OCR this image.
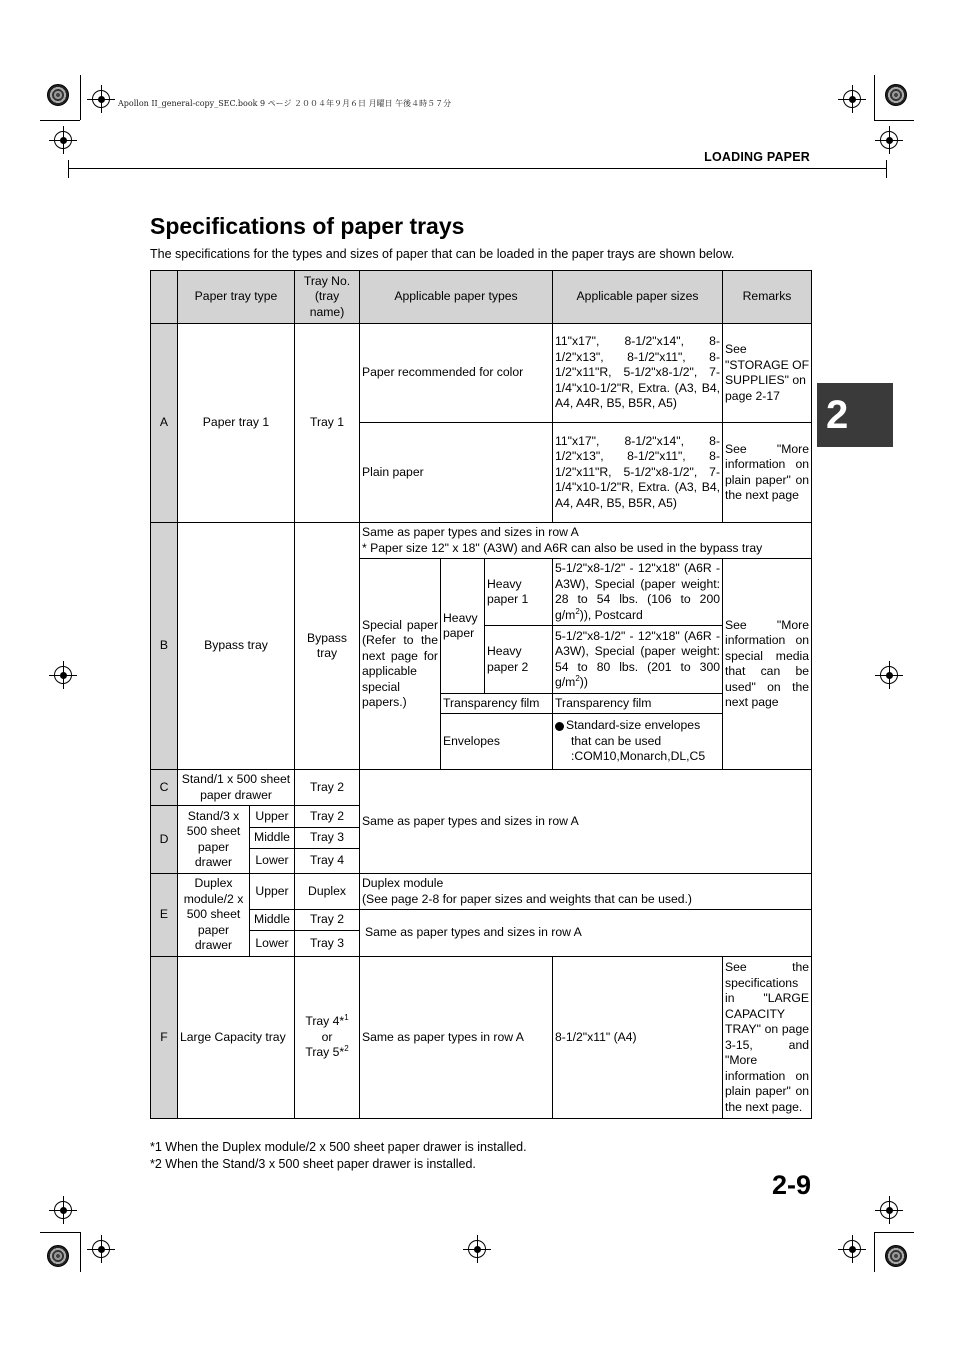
Apollon II_general-copy_SEC.book 9 ページ ２００４年９月６日 月曜日 午後４時５７分
LOADING PAPER
2
Specifications of paper trays

The specifications for the types and sizes of paper that can be loaded in the paper trays are shown below.

	Paper tray type		Tray No. (tray name)	Applicable paper types			Applicable paper sizes	Remarks
A	Paper tray 1		Tray 1	Paper recommended for color			11"x17", 8-1/2"x14", 8-1/2"x13", 8-1/2"x11", 8-1/2"x11"R, 5-1/2"x8-1/2", 7-1/4"x10-1/2"R, Extra. (A3, B4, A4, A4R, B5, B5R, A5)	See "STORAGE OF SUPPLIES" on page 2-17
				Plain paper			11"x17", 8-1/2"x14", 8-1/2"x13", 8-1/2"x11", 8-1/2"x11"R, 5-1/2"x8-1/2", 7-1/4"x10-1/2"R, Extra. (A3, B4, A4, A4R, B5, B5R, A5)	See "More information on plain paper" on the next page
B	Bypass tray		Bypass tray	Same as paper types and sizes in row A
* Paper size 12" x 18" (A3W) and A6R can also be used in the bypass tray				
				Special paper (Refer to the next page for applicable special papers.)	Heavy paper	Heavy paper 1	5-1/2"x8-1/2" - 12"x18" (A6R - A3W), Special (paper weight: 28 to 54 lbs. (106 to 200 $g/m^2$)), Postcard	See "More information on special media that can be used" on the next page
						Heavy paper 2	5-1/2"x8-1/2" - 12"x18" (A6R - A3W), Special (paper weight: 54 to 80 lbs. (201 to 300 $g/m^2$))	
					Transparency film		Transparency film	
					Envelopes		Standard-size envelopes
that can be used
:COM10,Monarch,DL,C5	

C	Stand/1 x 500 sheet paper drawer		Tray 2	Same as paper types and sizes in row A				
D	Stand/3 x 500 sheet paper drawer	Upper	Tray 2					
		Middle	Tray 3					
		Lower	Tray 4					
E	Duplex module/2 x 500 sheet paper drawer	Upper	Duplex	Duplex module
(See page 2-8 for paper sizes and weights that can be used.)				
		Middle	Tray 2	Same as paper types and sizes in row A				
		Lower	Tray 3					
F	Large Capacity tray		Tray 4*$^1$
or
Tray 5*$^2$	Same as paper types in row A			8-1/2"x11" (A4)	See the specifications in "LARGE CAPACITY TRAY" on page 3-15, and "More information on plain paper" on the next page.
*1 When the Duplex module/2 x 500 sheet paper drawer is installed.
*2 When the Stand/3 x 500 sheet paper drawer is installed.
2-9
